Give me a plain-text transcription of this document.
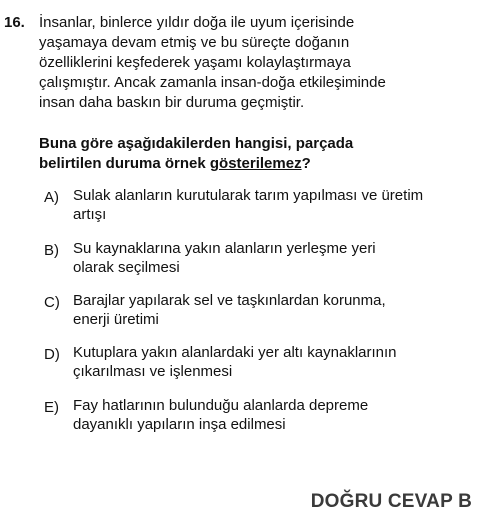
16. İnsanlar, binlerce yıldır doğa ile uyum içerisinde
yaşamaya devam etmiş ve bu süreçte doğanın
özelliklerini keşfederek yaşamı kolaylaştırmaya
çalışmıştır. Ancak zamanla insan-doğa etkileşiminde
insan daha baskın bir duruma geçmiştir.
Buna göre aşağıdakilerden hangisi, parçada
belirtilen duruma örnek gösterilemez?
A) Sulak alanların kurutularak tarım yapılması ve üretim
artışı
B) Su kaynaklarına yakın alanların yerleşme yeri
olarak seçilmesi
C) Barajlar yapılarak sel ve taşkınlardan korunma,
enerji üretimi
D) Kutuplara yakın alanlardaki yer altı kaynaklarının
çıkarılması ve işlenmesi
E) Fay hatlarının bulunduğu alanlarda depreme
dayanıklı yapıların inşa edilmesi
DOĞRU CEVAP B
